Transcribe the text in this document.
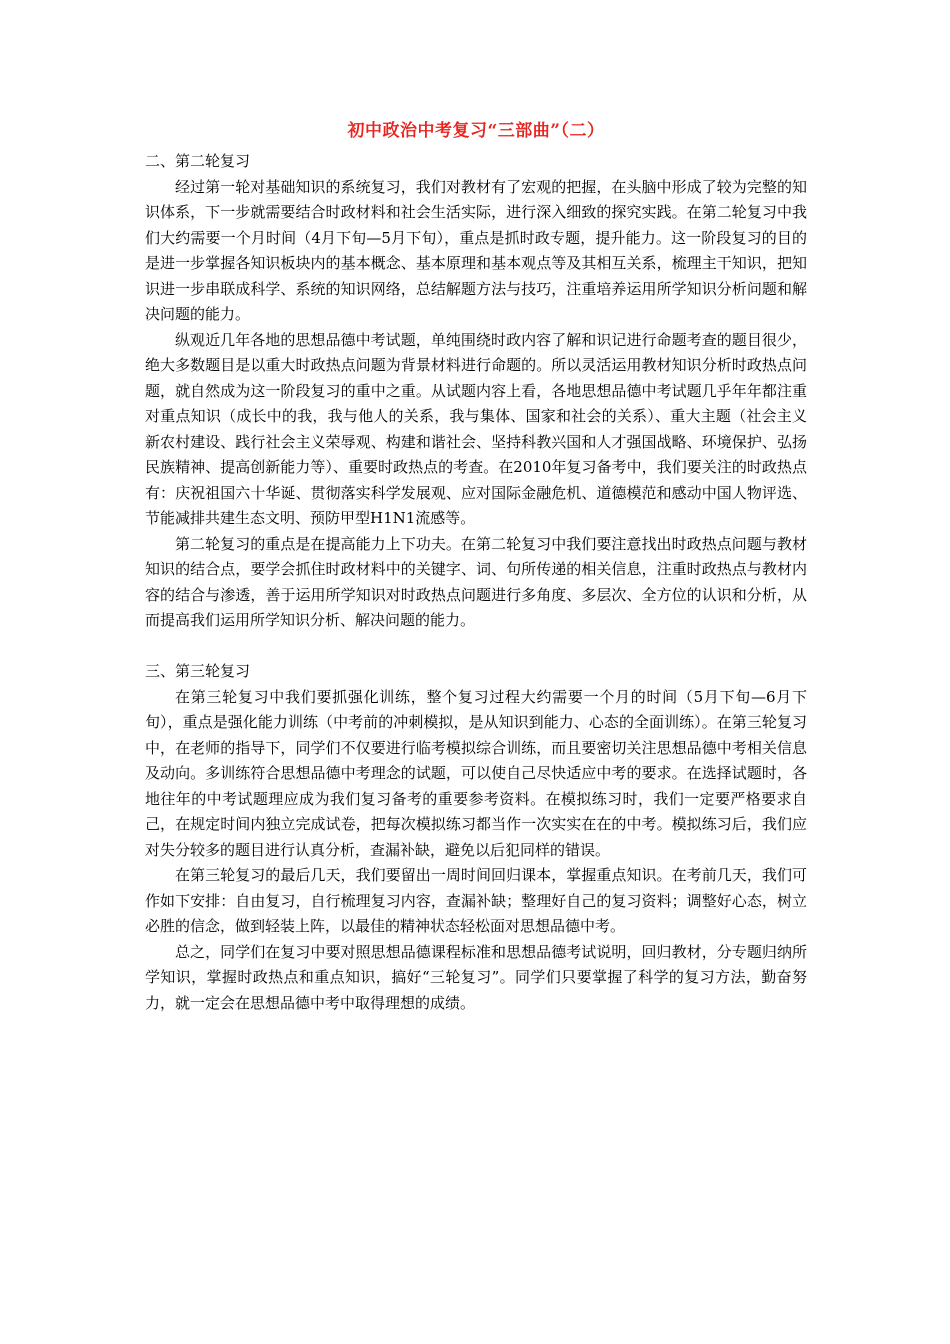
初中政治中考复习“三部曲”（二）

二、第二轮复习

经过第一轮对基础知识的系统复习，我们对教材有了宏观的把握，在头脑中形成了较为完整的知识体系，下一步就需要结合时政材料和社会生活实际，进行深入细致的探究实践。在第二轮复习中我们大约需要一个月时间（4月下旬—5月下旬），重点是抓时政专题，提升能力。这一阶段复习的目的是进一步掌握各知识板块内的基本概念、基本原理和基本观点等及其相互关系，梳理主干知识，把知识进一步串联成科学、系统的知识网络，总结解题方法与技巧，注重培养运用所学知识分析问题和解决问题的能力。

纵观近几年各地的思想品德中考试题，单纯围绕时政内容了解和识记进行命题考查的题目很少，绝大多数题目是以重大时政热点问题为背景材料进行命题的。所以灵活运用教材知识分析时政热点问题，就自然成为这一阶段复习的重中之重。从试题内容上看，各地思想品德中考试题几乎年年都注重对重点知识（成长中的我，我与他人的关系，我与集体、国家和社会的关系）、重大主题（社会主义新农村建设、践行社会主义荣辱观、构建和谐社会、坚持科教兴国和人才强国战略、环境保护、弘扬民族精神、提高创新能力等）、重要时政热点的考查。在2010年复习备考中，我们要关注的时政热点有：庆祝祖国六十华诞、贯彻落实科学发展观、应对国际金融危机、道德模范和感动中国人物评选、节能减排共建生态文明、预防甲型H1N1流感等。

第二轮复习的重点是在提高能力上下功夫。在第二轮复习中我们要注意找出时政热点问题与教材知识的结合点，要学会抓住时政材料中的关键字、词、句所传递的相关信息，注重时政热点与教材内容的结合与渗透，善于运用所学知识对时政热点问题进行多角度、多层次、全方位的认识和分析，从而提高我们运用所学知识分析、解决问题的能力。

三、第三轮复习

在第三轮复习中我们要抓强化训练，整个复习过程大约需要一个月的时间（5月下旬—6月下旬），重点是强化能力训练（中考前的冲刺模拟，是从知识到能力、心态的全面训练）。在第三轮复习中，在老师的指导下，同学们不仅要进行临考模拟综合训练，而且要密切关注思想品德中考相关信息及动向。多训练符合思想品德中考理念的试题，可以使自己尽快适应中考的要求。在选择试题时，各地往年的中考试题理应成为我们复习备考的重要参考资料。在模拟练习时，我们一定要严格要求自己，在规定时间内独立完成试卷，把每次模拟练习都当作一次实实在在的中考。模拟练习后，我们应对失分较多的题目进行认真分析，查漏补缺，避免以后犯同样的错误。

在第三轮复习的最后几天，我们要留出一周时间回归课本，掌握重点知识。在考前几天，我们可作如下安排：自由复习，自行梳理复习内容，查漏补缺；整理好自己的复习资料；调整好心态，树立必胜的信念，做到轻装上阵，以最佳的精神状态轻松面对思想品德中考。

总之，同学们在复习中要对照思想品德课程标准和思想品德考试说明，回归教材，分专题归纳所学知识，掌握时政热点和重点知识，搞好“三轮复习”。同学们只要掌握了科学的复习方法，勤奋努力，就一定会在思想品德中考中取得理想的成绩。
